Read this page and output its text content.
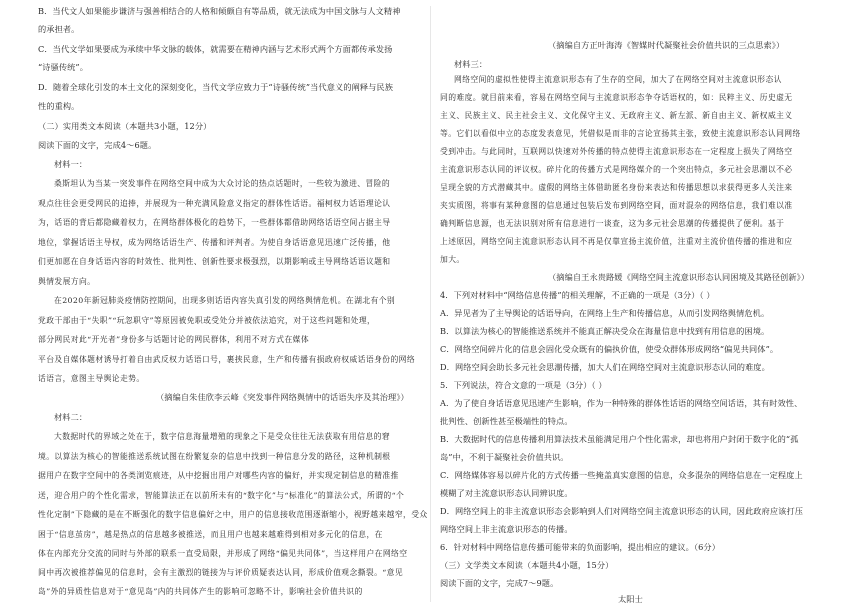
B．当代文人如果能步谦济与强善相结合的人格和倾颇自有等品质，就无法成为中国文脉与人文精神
的承担者。
C．当代文学如果要成为承续中华文脉的载体，就需要在精神内涵与艺术形式两个方面都传承发扬
“诗骚传统”。
D．随着全球化引发的本土文化的深刻变化，当代文学应致力于“诗骚传统”当代意义的阐释与民族
性的重构。
（二）实用类文本阅读（本题共3小题，12分）
阅读下面的文字，完成4～6题。
材料一：
桑斯坦认为当某一突发事件在网络空间中成为大众讨论的热点话题时，一些较为激进、冒险的
观点往往会更受网民的追捧，并展现为一种充满风险意义指定的群体性话语。福柯权力话语理论认
为，话语的背后都隐藏着权力，在网络群体极化的趋势下，一些群体都借助网络话语空间占据主导
地位，掌握话语主导权，成为网络话语生产、传播和评判者。为使自身话语意见迅速广泛传播，他
们更加愿在自身话语内容的时效性、批判性、创新性要求极强烈，以期影响或主导网络话语议题和
舆情发展方向。
在2020年新冠肺炎疫情防控期间，出现多则话语内容失真引发的网络舆情危机。在湖北有个别
党政干部由于“失职”“玩忽职守”等原因被免职或受处分并被依法追究，对于这些问题和处理，
部分网民对此“开光者”身份多与话题讨论的网民群体，利用不对方式在媒体
平台及自媒体题材诱导打着自由武反权力话语口号，裹挟民意，生产和传播有损政府权威话语身份的网络
话语言，意图主导舆论走势。
（摘编自朱佳欣李云峰《突发事件网络舆情中的话语失序及其治理》）
材料二：
大数据时代的界域之处在于，数字信息海量增殖的现象之下是受众往往无法获取有用信息的窘
境。以算法为核心的智能推送系统试图在纷繁复杂的信息中找到一种信息分发的路径，这种机制根
据用户在数字空间中的各类浏览痕迹，从中挖掘出用户对哪些内容的偏好，并实现定制信息的精准推
送，迎合用户的个性化需求，智能算法正在以前所未有的“数字化”与“标准化”的算法公式，所谓的“个
性化定制”下隐藏的是在不断强化的数字信息偏好之中，用户的信息接收范围逐渐缩小，视野越来越窄，受众
困于“信息茧房”，越是热点的信息越多被推送，而且用户也越来越难得到相对多元化的信息，在
体在内部充分交流的同时与外部的联系一直受局限，并形成了网络“偏见共同体”，当这样用户在网络空
间中再次被推荐偏见的信息时，会有主激烈的链接为与评价质疑表达认同，形成价值观念撕裂。“意见
岛”外的异质性信息对于“意见岛”内的共同体产生的影响可忽略不计，影响社会价值共识的
（摘编自方正叶海涛《智媒时代凝聚社会价值共识的三点思索》）
材料三：
网络空间的虚拟性使得主流意识形态有了生存的空间，加大了在网络空间对主流意识形态认
同的难度。就目前来看，容易在网络空间与主流意识形态争夺话语权的，如：民粹主义、历史虚无
主义、民族主义、民主社会主义、文化保守主义、无政府主义、新左派、新自由主义、新权威主义
等。它们以看似中立的态度发表意见，凭借似是而非的言论宣扬其主张，致使主流意识形态认同网络
受到冲击。与此同时，互联网以快速对外传播的特点使得主流意识形态在一定程度上损失了网络空
主流意识形态认同的评议权。碎片化的传播方式是网络媒介的一个突出特点，多元社会思潮以不必
呈现全貌的方式潜藏其中。虚假的网络主体借助匿名身份来表达和传播思想以求获得更多人关注来
夹实质图，将事有某种意图的信息通过包装后发布到网络空间，面对混杂的网络信息，我们难以准
确判断信息源，也无法识别对所有信息进行一谈查，这为多元社会思潮的传播提供了便利。基于
上述原因，网络空间主流意识形态认同不再是仅靠宣扬主流价值，注重对主流价值传播的推进和应
加大。
（摘编自王永贵路媛《网络空间主流意识形态认同困境及其路径创新》）
4．下列对材料中“网络信息传播”的相关理解，不正确的一项是（3分）（ ）
A．异见者为了主导舆论的话语导向，在网络上生产和传播信息，从而引发网络舆情危机。
B．以算法为核心的智能推送系统并不能真正解决受众在海量信息中找到有用信息的困境。
C．网络空间碎片化的信息会固化受众既有的偏执价值，使受众群体形成网络“偏见共同体”。
D．网络空间会助长多元社会思潮传播，加大人们在网络空间对主流意识形态认同的难度。
5．下列说法，符合文意的一项是（3分）（ ）
A．为了使自身话语意见迅速产生影响，作为一种特殊的群体性话语的网络空间话语，其有时效性、
批判性、创新性甚至极端性的特点。
B．大数据时代的信息传播利用算法技术虽能满足用户个性化需求，却也将用户封闭于数字化的“孤
岛”中，不利于凝聚社会价值共识。
C．网络媒体容易以碎片化的方式传播一些掩盖真实意图的信息，众多混杂的网络信息在一定程度上
模糊了对主流意识形态认同辨识度。
D．网络空间上的非主流意识形态会影响到人们对网络空间主流意识形态的认同，因此政府应该打压
网络空间上非主流意识形态的传播。
6．针对材料中网络信息传播可能带来的负面影响，提出相应的建议。（6分）
（三）文学类文本阅读（本题共4小题，15分）
阅读下面的文字，完成7～9题。
太阳士
